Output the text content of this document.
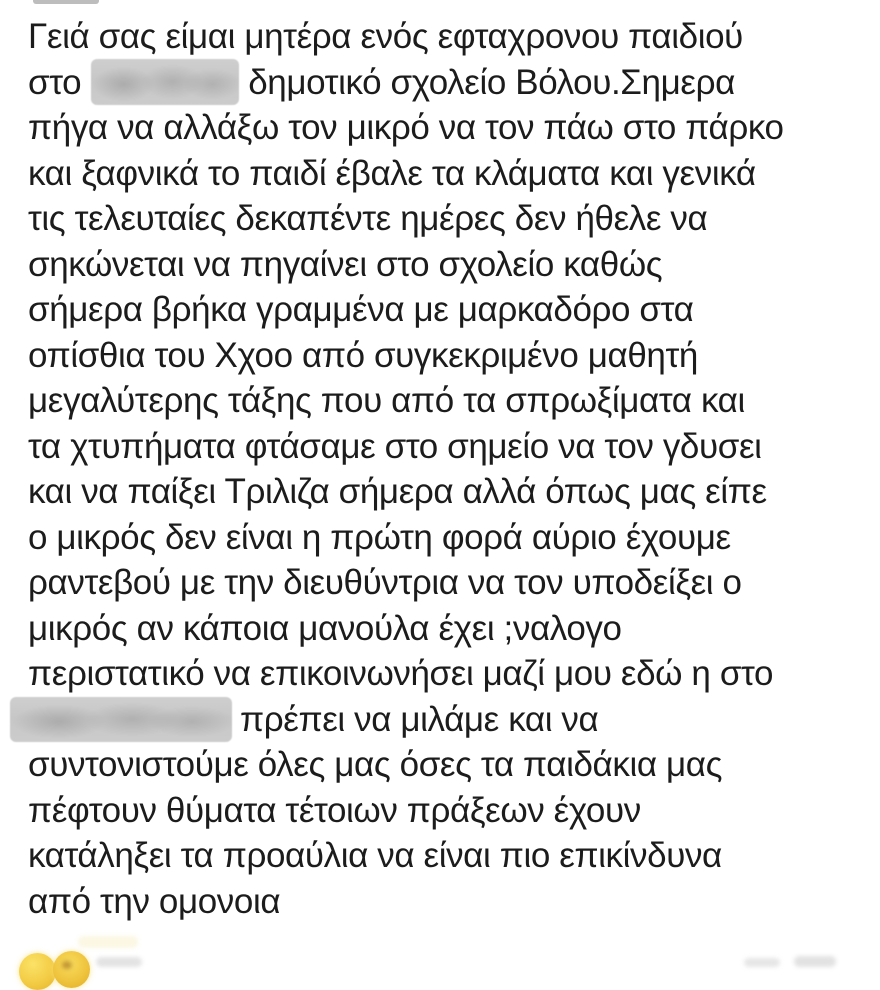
Γειά σας είμαι μητέρα ενός εφταχρονου παιδιού
στο	δημοτικό σχολείο Βόλου.Σημερα
πήγα να αλλάξω τον μικρό να τον πάω στο πάρκο
και ξαφνικά το παιδί έβαλε τα κλάματα και γενικά
τις τελευταίες δεκαπέντε ημέρες δεν ήθελε να
σηκώνεται να πηγαίνει στο σχολείο καθώς
σήμερα βρήκα γραμμένα με μαρκαδόρο στα
οπίσθια του Χχοο από συγκεκριμένο μαθητή
μεγαλύτερης τάξης που από τα σπρωξίματα και
τα χτυπήματα φτάσαμε στο σημείο να τον γδυσει
και να παίξει Τριλιζα σήμερα αλλά όπως μας είπε
ο μικρός δεν είναι η πρώτη φορά αύριο έχουμε
ραντεβού με την διευθύντρια να τον υποδείξει ο
μικρός αν κάποια μανούλα έχει ;ναλογο
περιστατικό να επικοινωνήσει μαζί μου εδώ η στο
πρέπει να μιλάμε και να
συντονιστούμε όλες μας όσες τα παιδάκια μας
πέφτουν θύματα τέτοιων πράξεων έχουν
κατάληξει τα προαύλια να είναι πιο επικίνδυνα
από την ομονοια
